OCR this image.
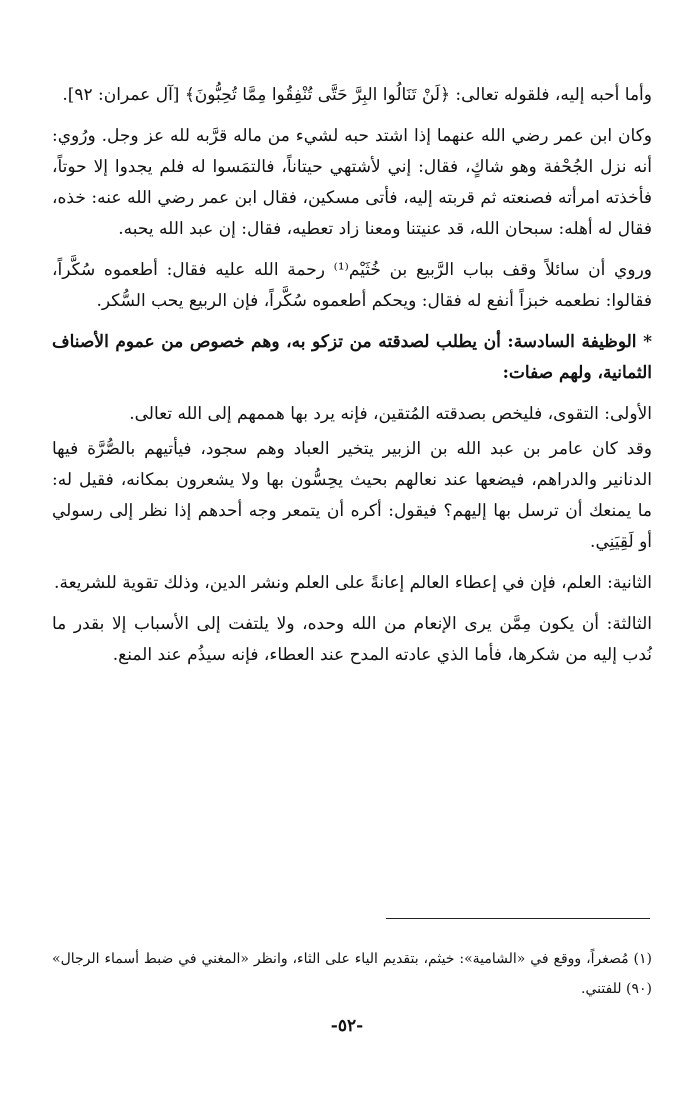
وأما أحبه إليه، فلقوله تعالى: ﴿لَنْ تَنَالُوا البِرَّ حَتَّى تُنْفِقُوا مِمَّا تُحِبُّونَ﴾ [آل عمران: ٩٢].

وكان ابن عمر رضي الله عنهما إذا اشتد حبه لشيء من ماله قرَّبه لله عز وجل. ورُوي: أنه نزل الجُحْفة وهو شاكٍ، فقال: إني لأشتهي حيتاناً، فالتمَسوا له فلم يجدوا إلا حوتاً، فأخذته امرأته فصنعته ثم قربته إليه، فأتى مسكين، فقال ابن عمر رضي الله عنه: خذه، فقال له أهله: سبحان الله، قد عنيتنا ومعنا زاد تعطيه، فقال: إن عبد الله يحبه.

وروي أن سائلاً وقف بباب الرَّبيع بن خُثَيْم⁽¹⁾ رحمة الله عليه فقال: أطعموه سُكَّراً، فقالوا: نطعمه خبزاً أنفع له فقال: ويحكم أطعموه سُكَّراً، فإن الربيع يحب السُّكر.

* الوظيفة السادسة: أن يطلب لصدقته من تزكو به، وهم خصوص من عموم الأصناف الثمانية، ولهم صفات:

الأولى: التقوى، فليخص بصدقته المُتقين، فإنه يرد بها هممهم إلى الله تعالى.

وقد كان عامر بن عبد الله بن الزبير يتخير العباد وهم سجود، فيأتيهم بالصُّرَّة فيها الدنانير والدراهم، فيضعها عند نعالهم بحيث يحِسُّون بها ولا يشعرون بمكانه، فقيل له: ما يمنعك أن ترسل بها إليهم؟ فيقول: أكره أن يتمعر وجه أحدهم إذا نظر إلى رسولي أو لَقِيَنِي.

الثانية: العلم، فإن في إعطاء العالم إعانةً على العلم ونشر الدين، وذلك تقوية للشريعة.

الثالثة: أن يكون مِمَّن يرى الإنعام من الله وحده، ولا يلتفت إلى الأسباب إلا بقدر ما نُدب إليه من شكرها، فأما الذي عادته المدح عند العطاء، فإنه سيذُم عند المنع.

(١) مُصغراً، ووقع في «الشامية»: خيثم، بتقديم الياء على الثاء، وانظر «المغني في ضبط أسماء الرجال» (٩٠) للفتني.

-٥٢-
